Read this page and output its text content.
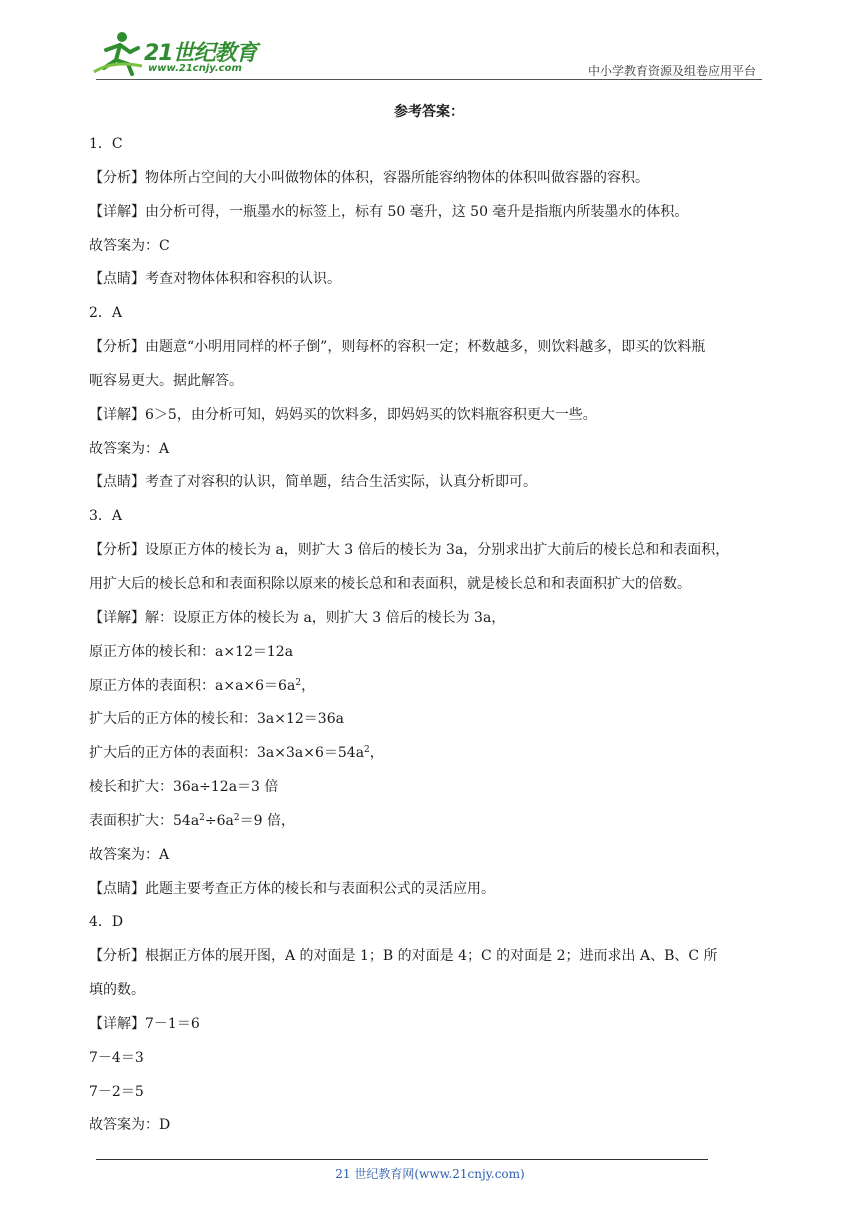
21世纪教育
www.21cnjy.com	中小学教育资源及组卷应用平台
参考答案：
1．C
【分析】物体所占空间的大小叫做物体的体积，容器所能容纳物体的体积叫做容器的容积。
【详解】由分析可得，一瓶墨水的标签上，标有 50 毫升，这 50 毫升是指瓶内所装墨水的体积。
故答案为：C
【点睛】考查对物体体积和容积的认识。
2．A
【分析】由题意“小明用同样的杯子倒”，则每杯的容积一定；杯数越多，则饮料越多，即买的饮料瓶
呃容易更大。据此解答。
【详解】6＞5，由分析可知，妈妈买的饮料多，即妈妈买的饮料瓶容积更大一些。
故答案为：A
【点睛】考查了对容积的认识，简单题，结合生活实际，认真分析即可。
3．A
【分析】设原正方体的棱长为 a，则扩大 3 倍后的棱长为 3a，分别求出扩大前后的棱长总和和表面积，
用扩大后的棱长总和和表面积除以原来的棱长总和和表面积，就是棱长总和和表面积扩大的倍数。
【详解】解：设原正方体的棱长为 a，则扩大 3 倍后的棱长为 3a，
原正方体的棱长和：a×12＝12a
原正方体的表面积：$a\times a\times 6=6a^2$，
扩大后的正方体的棱长和：3a×12＝36a
扩大后的正方体的表面积：$3a\times 3a\times 6=54a^2$，
棱长和扩大：36a÷12a＝3 倍
表面积扩大：$54a^2\div 6a^2=9$ 倍，
故答案为：A
【点睛】此题主要考查正方体的棱长和与表面积公式的灵活应用。
4．D
【分析】根据正方体的展开图，A 的对面是 1；B 的对面是 4；C 的对面是 2；进而求出 A、B、C 所
填的数。
【详解】7－1＝6
7－4＝3
7－2＝5
故答案为：D
21 世纪教育网(www.21cnjy.com)
